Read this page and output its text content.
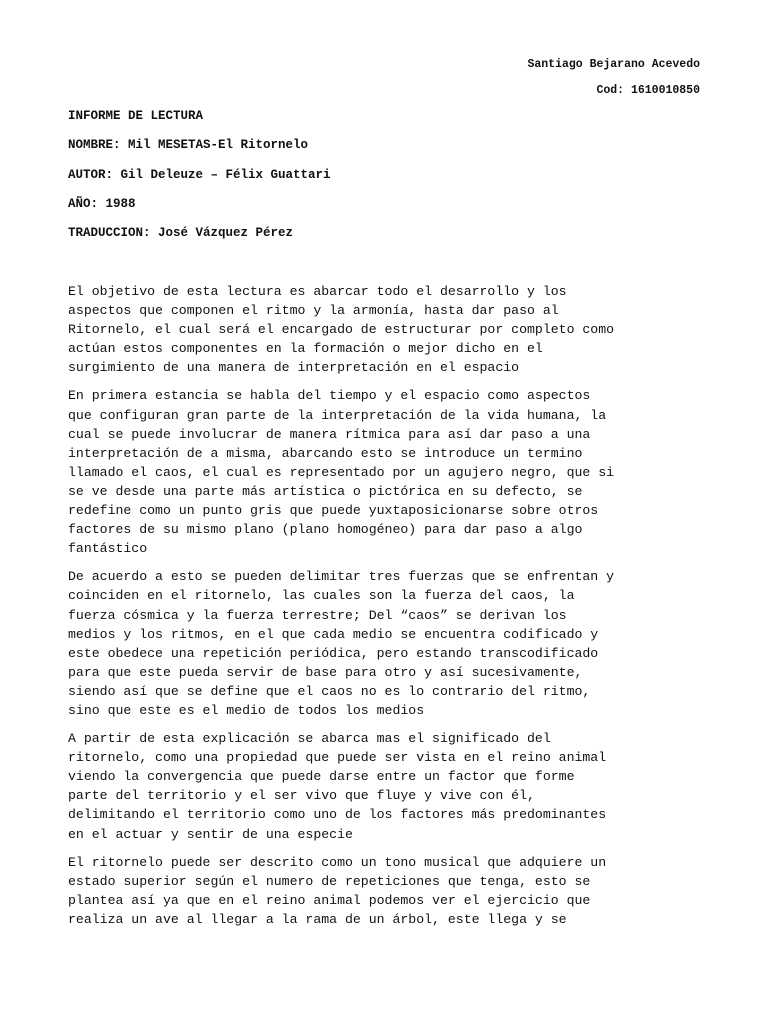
Santiago Bejarano Acevedo
Cod: 1610010850
INFORME DE LECTURA
NOMBRE: Mil MESETAS-El Ritornelo
AUTOR: Gil Deleuze – Félix Guattari
AÑO: 1988
TRADUCCION: José Vázquez Pérez
El objetivo de esta lectura es abarcar todo el desarrollo y los
aspectos que componen el ritmo y la armonía, hasta dar paso al
Ritornelo, el cual será el encargado de estructurar por completo como
actúan estos componentes en la formación o mejor dicho en el
surgimiento de una manera de interpretación en el espacio
En primera estancia se habla del tiempo y el espacio como aspectos
que configuran gran parte de la interpretación de la vida humana, la
cual se puede involucrar de manera rítmica para así dar paso a una
interpretación de a misma, abarcando esto se introduce un termino
llamado el caos, el cual es representado por un agujero negro, que si
se ve desde una parte más artística o pictórica en su defecto, se
redefine como un punto gris que puede yuxtaposicionarse sobre otros
factores de su mismo plano (plano homogéneo) para dar paso a algo
fantástico
De acuerdo a esto se pueden delimitar tres fuerzas que se enfrentan y
coinciden en el ritornelo, las cuales son la fuerza del caos, la
fuerza cósmica y la fuerza terrestre; Del “caos” se derivan los
medios y los ritmos, en el que cada medio se encuentra codificado y
este obedece una repetición periódica, pero estando transcodificado
para que este pueda servir de base para otro y así sucesivamente,
siendo así que se define que el caos no es lo contrario del ritmo,
sino que este es el medio de todos los medios
A partir de esta explicación se abarca mas el significado del
ritornelo, como una propiedad que puede ser vista en el reino animal
viendo la convergencia que puede darse entre un factor que forme
parte del territorio y el ser vivo que fluye y vive con él,
delimitando el territorio como uno de los factores más predominantes
en el actuar y sentir de una especie
El ritornelo puede ser descrito como un tono musical que adquiere un
estado superior según el numero de repeticiones que tenga, esto se
plantea así ya que en el reino animal podemos ver el ejercicio que
realiza un ave al llegar a la rama de un árbol, este llega y se
